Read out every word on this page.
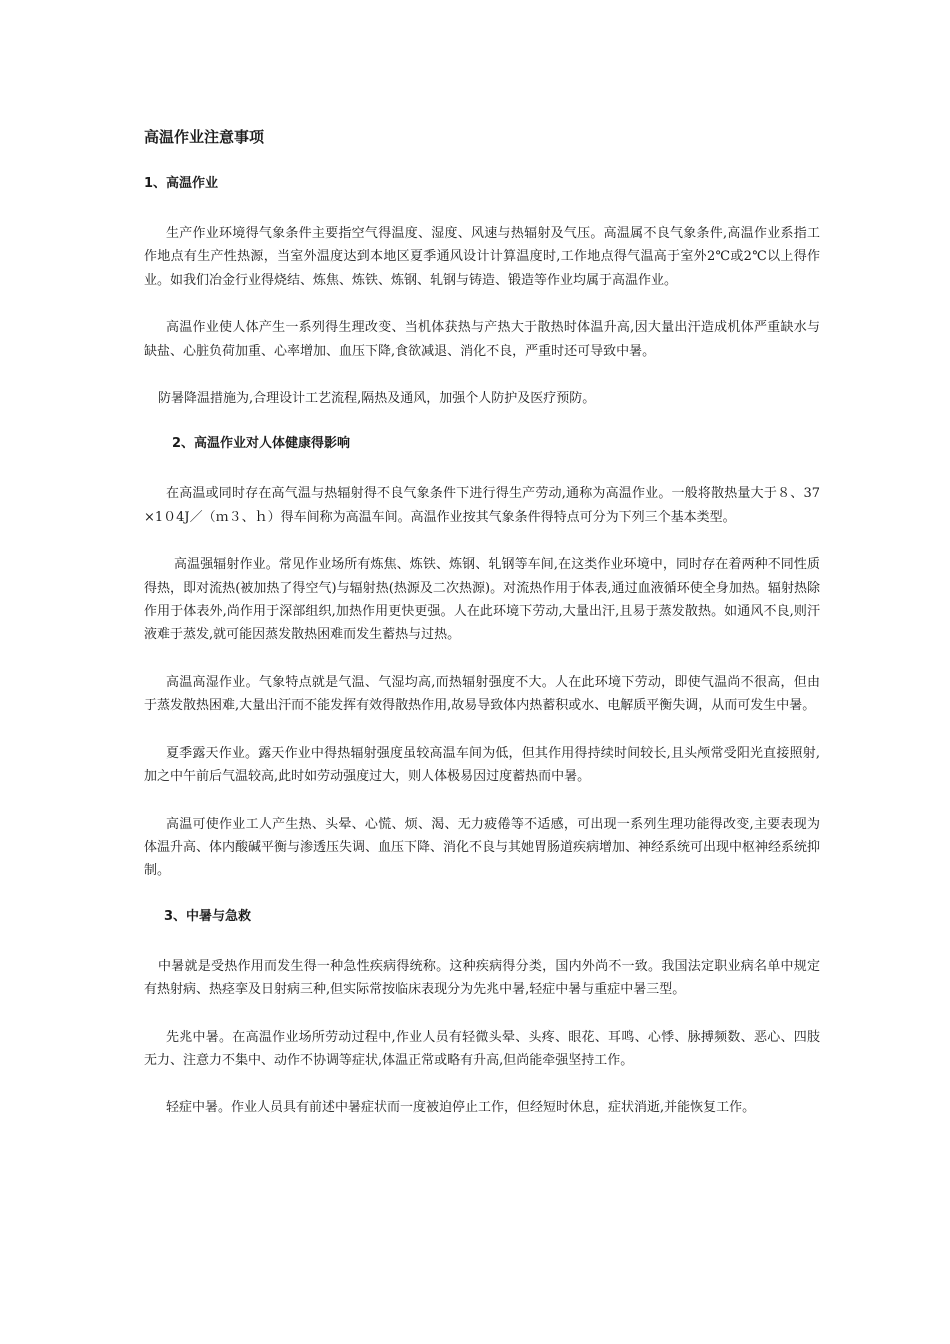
高温作业注意事项
1、高温作业

生产作业环境得气象条件主要指空气得温度、湿度、风速与热辐射及气压。高温属不良气象条件,高温作业系指工作地点有生产性热源，当室外温度达到本地区夏季通风设计计算温度时,工作地点得气温高于室外2℃或2℃以上得作业。如我们冶金行业得烧结、炼焦、炼铁、炼钢、轧钢与铸造、锻造等作业均属于高温作业。

高温作业使人体产生一系列得生理改变、当机体获热与产热大于散热时体温升高,因大量出汗造成机体严重缺水与缺盐、心脏负荷加重、心率增加、血压下降,食欲减退、消化不良，严重时还可导致中暑。

防暑降温措施为,合理设计工艺流程,隔热及通风，加强个人防护及医疗预防。

2、高温作业对人体健康得影响

在高温或同时存在高气温与热辐射得不良气象条件下进行得生产劳动,通称为高温作业。一般将散热量大于８、37×1０4J／（ｍ３、ｈ）得车间称为高温车间。高温作业按其气象条件得特点可分为下列三个基本类型。

高温强辐射作业。常见作业场所有炼焦、炼铁、炼钢、轧钢等车间,在这类作业环境中，同时存在着两种不同性质得热，即对流热(被加热了得空气)与辐射热(热源及二次热源)。对流热作用于体表,通过血液循环使全身加热。辐射热除作用于体表外,尚作用于深部组织,加热作用更快更强。人在此环境下劳动,大量出汗,且易于蒸发散热。如通风不良,则汗液难于蒸发,就可能因蒸发散热困难而发生蓄热与过热。

高温高湿作业。气象特点就是气温、气湿均高,而热辐射强度不大。人在此环境下劳动，即使气温尚不很高，但由于蒸发散热困难,大量出汗而不能发挥有效得散热作用,故易导致体内热蓄积或水、电解质平衡失调，从而可发生中暑。

夏季露天作业。露天作业中得热辐射强度虽较高温车间为低，但其作用得持续时间较长,且头颅常受阳光直接照射,加之中午前后气温较高,此时如劳动强度过大，则人体极易因过度蓄热而中暑。

高温可使作业工人产生热、头晕、心慌、烦、渴、无力疲倦等不适感，可出现一系列生理功能得改变,主要表现为体温升高、体内酸碱平衡与渗透压失调、血压下降、消化不良与其她胃肠道疾病增加、神经系统可出现中枢神经系统抑制。

3、中暑与急救

中暑就是受热作用而发生得一种急性疾病得统称。这种疾病得分类，国内外尚不一致。我国法定职业病名单中规定有热射病、热痉挛及日射病三种,但实际常按临床表现分为先兆中暑,轻症中暑与重症中暑三型。

先兆中暑。在高温作业场所劳动过程中,作业人员有轻微头晕、头疼、眼花、耳鸣、心悸、脉搏频数、恶心、四肢无力、注意力不集中、动作不协调等症状,体温正常或略有升高,但尚能牵强坚持工作。

轻症中暑。作业人员具有前述中暑症状而一度被迫停止工作，但经短时休息，症状消逝,并能恢复工作。
